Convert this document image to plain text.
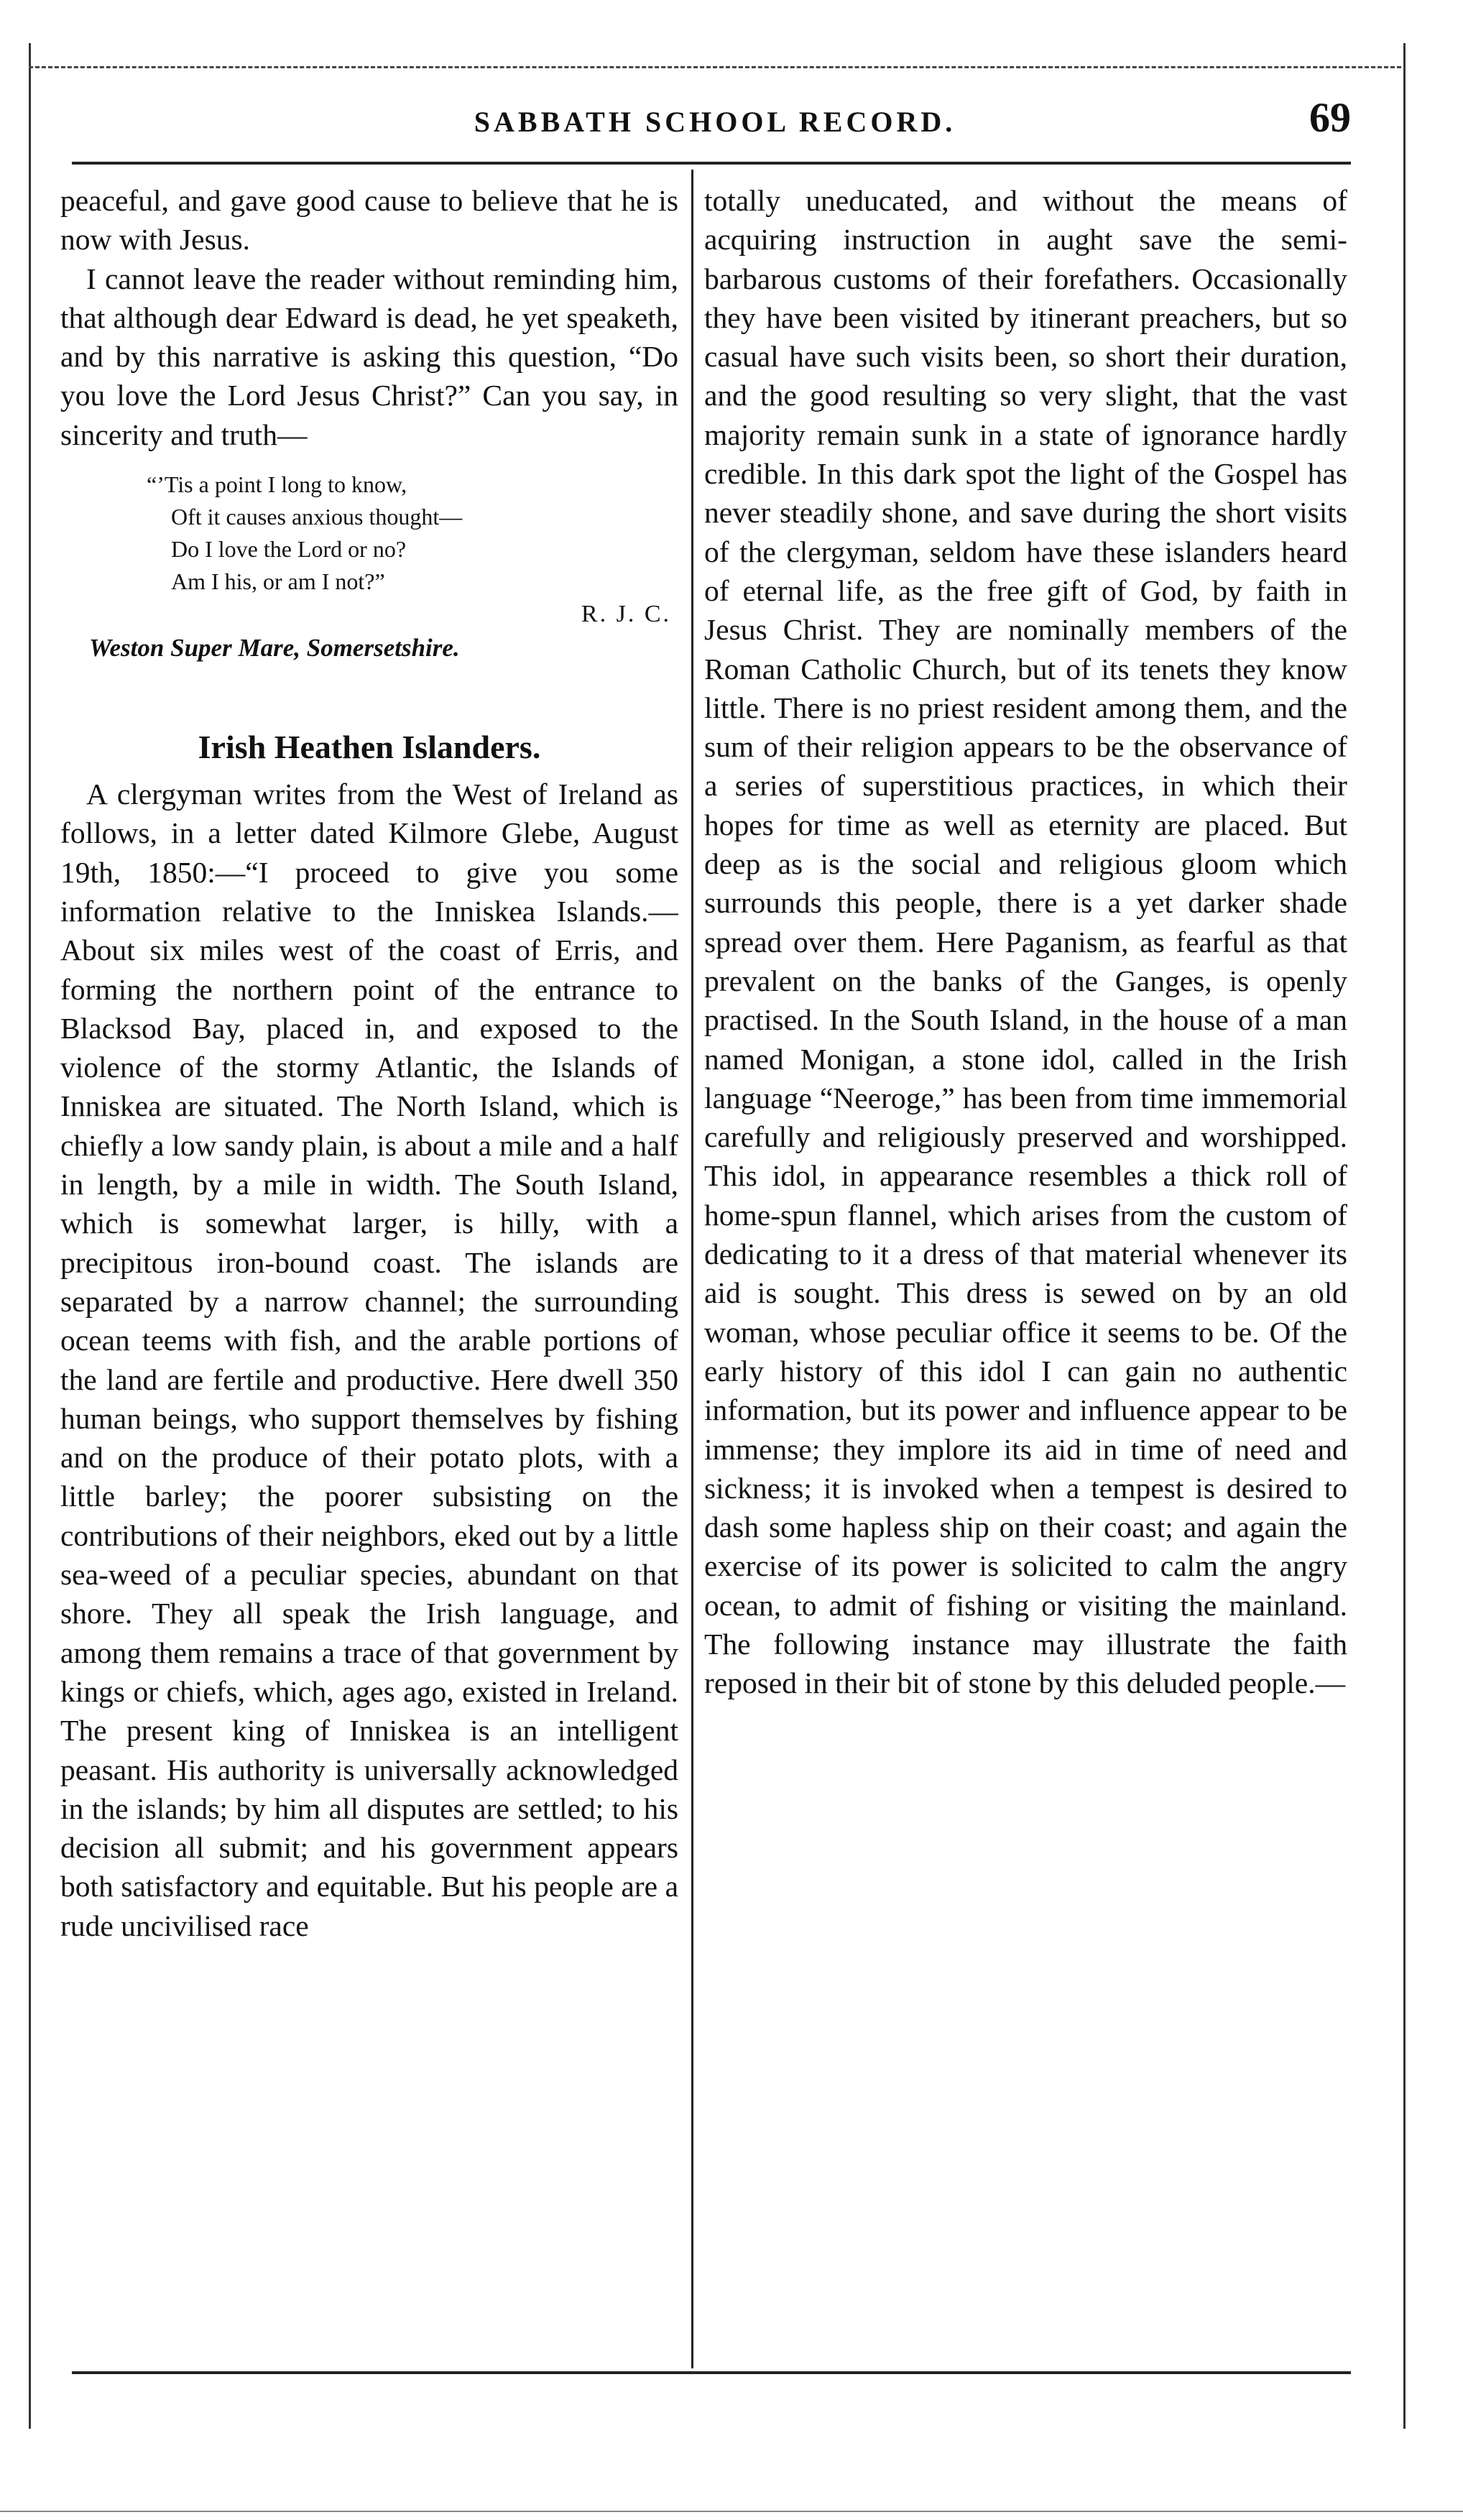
SABBATH SCHOOL RECORD.	69

peaceful, and gave good cause to believe that he is now with Jesus.

I cannot leave the reader without reminding him, that although dear Edward is dead, he yet speaketh, and by this narrative is asking this question, “Do you love the Lord Jesus Christ?” Can you say, in sincerity and truth—

“’Tis a point I long to know,
Oft it causes anxious thought—
Do I love the Lord or no?
Am I his, or am I not?”
R. J. C.
Weston Super Mare, Somersetshire.
Irish Heathen Islanders.

A clergyman writes from the West of Ireland as follows, in a letter dated Kilmore Glebe, August 19th, 1850:—“I proceed to give you some information relative to the Inniskea Islands.—About six miles west of the coast of Erris, and forming the northern point of the entrance to Blacksod Bay, placed in, and exposed to the violence of the stormy Atlantic, the Islands of Inniskea are situated. The North Island, which is chiefly a low sandy plain, is about a mile and a half in length, by a mile in width. The South Island, which is somewhat larger, is hilly, with a precipitous iron-bound coast. The islands are separated by a narrow channel; the surrounding ocean teems with fish, and the arable portions of the land are fertile and productive. Here dwell 350 human beings, who support themselves by fishing and on the produce of their potato plots, with a little barley; the poorer subsisting on the contributions of their neighbors, eked out by a little sea-weed of a peculiar species, abundant on that shore. They all speak the Irish language, and among them remains a trace of that government by kings or chiefs, which, ages ago, existed in Ireland. The present king of Inniskea is an intelligent peasant. His authority is universally acknowledged in the islands; by him all disputes are settled; to his decision all submit; and his government appears both satisfactory and equitable. But his people are a rude uncivilised race

totally uneducated, and without the means of acquiring instruction in aught save the semi-barbarous customs of their forefathers. Occasionally they have been visited by itinerant preachers, but so casual have such visits been, so short their duration, and the good resulting so very slight, that the vast majority remain sunk in a state of ignorance hardly credible. In this dark spot the light of the Gospel has never steadily shone, and save during the short visits of the clergyman, seldom have these islanders heard of eternal life, as the free gift of God, by faith in Jesus Christ. They are nominally members of the Roman Catholic Church, but of its tenets they know little. There is no priest resident among them, and the sum of their religion appears to be the observance of a series of superstitious practices, in which their hopes for time as well as eternity are placed. But deep as is the social and religious gloom which surrounds this people, there is a yet darker shade spread over them. Here Paganism, as fearful as that prevalent on the banks of the Ganges, is openly practised. In the South Island, in the house of a man named Monigan, a stone idol, called in the Irish language “Neeroge,” has been from time immemorial carefully and religiously preserved and worshipped. This idol, in appearance resembles a thick roll of home-spun flannel, which arises from the custom of dedicating to it a dress of that material whenever its aid is sought. This dress is sewed on by an old woman, whose peculiar office it seems to be. Of the early history of this idol I can gain no authentic information, but its power and influence appear to be immense; they implore its aid in time of need and sickness; it is invoked when a tempest is desired to dash some hapless ship on their coast; and again the exercise of its power is solicited to calm the angry ocean, to admit of fishing or visiting the mainland. The following instance may illustrate the faith reposed in their bit of stone by this deluded people.—
